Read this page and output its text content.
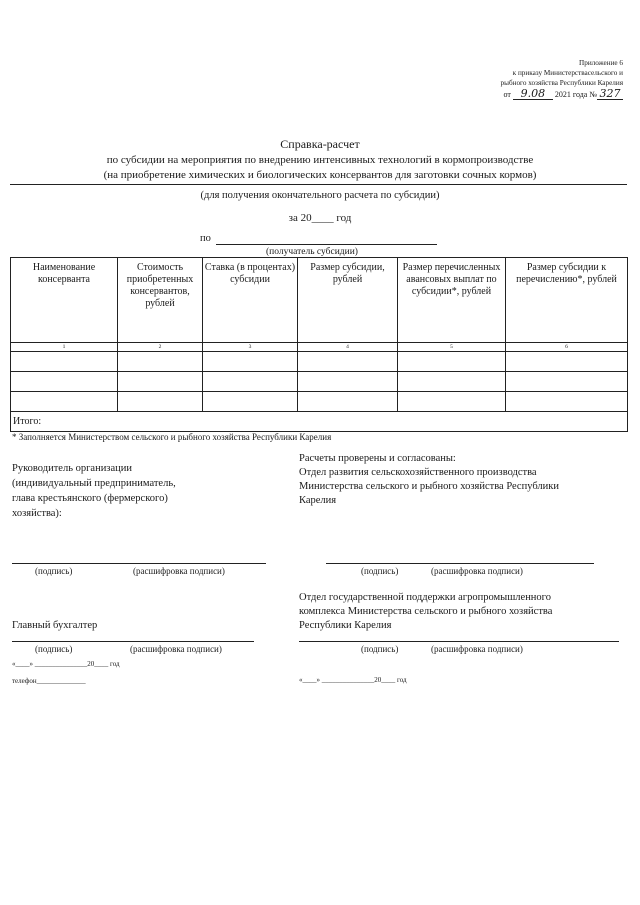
Приложение 6
к приказу Министерствасельского и
рыбного хозяйства Республики Карелия
от 9.08 2021 года № 327
Справка-расчет
по субсидии на мероприятия по внедрению интенсивных технологий в кормопроизводстве
(на приобретение химических и биологических консервантов для заготовки сочных кормов)
(для получения окончательного расчета по субсидии)
за 20____ год
по
(получатель субсидии)
Наименование консерванта	Стоимость приобретенных консервантов, рублей	Ставка (в процентах) субсидии	Размер субсидии, рублей	Размер перечисленных авансовых выплат по субсидии*, рублей	Размер субсидии к перечислению*, рублей
1	2	3	4	5	6

Итого:					
* Заполняется Министерством сельского и рыбного хозяйства Республики Карелия
Руководитель организации
(индивидуальный предприниматель,
глава крестьянского (фермерского)
хозяйства):
(подпись)	(расшифровка подписи)
Главный бухгалтер
(подпись)	(расшифровка подписи)
«____» _______________20____ год
телефон______________
Расчеты проверены и согласованы:
Отдел развития сельскохозяйственного производства
Министерства сельского и рыбного хозяйства Республики
Карелия
(подпись)	(расшифровка подписи)
Отдел государственной поддержки агропромышленного
комплекса Министерства сельского и рыбного хозяйства
Республики Карелия
(подпись)	(расшифровка подписи)
«____» _______________20____ год
